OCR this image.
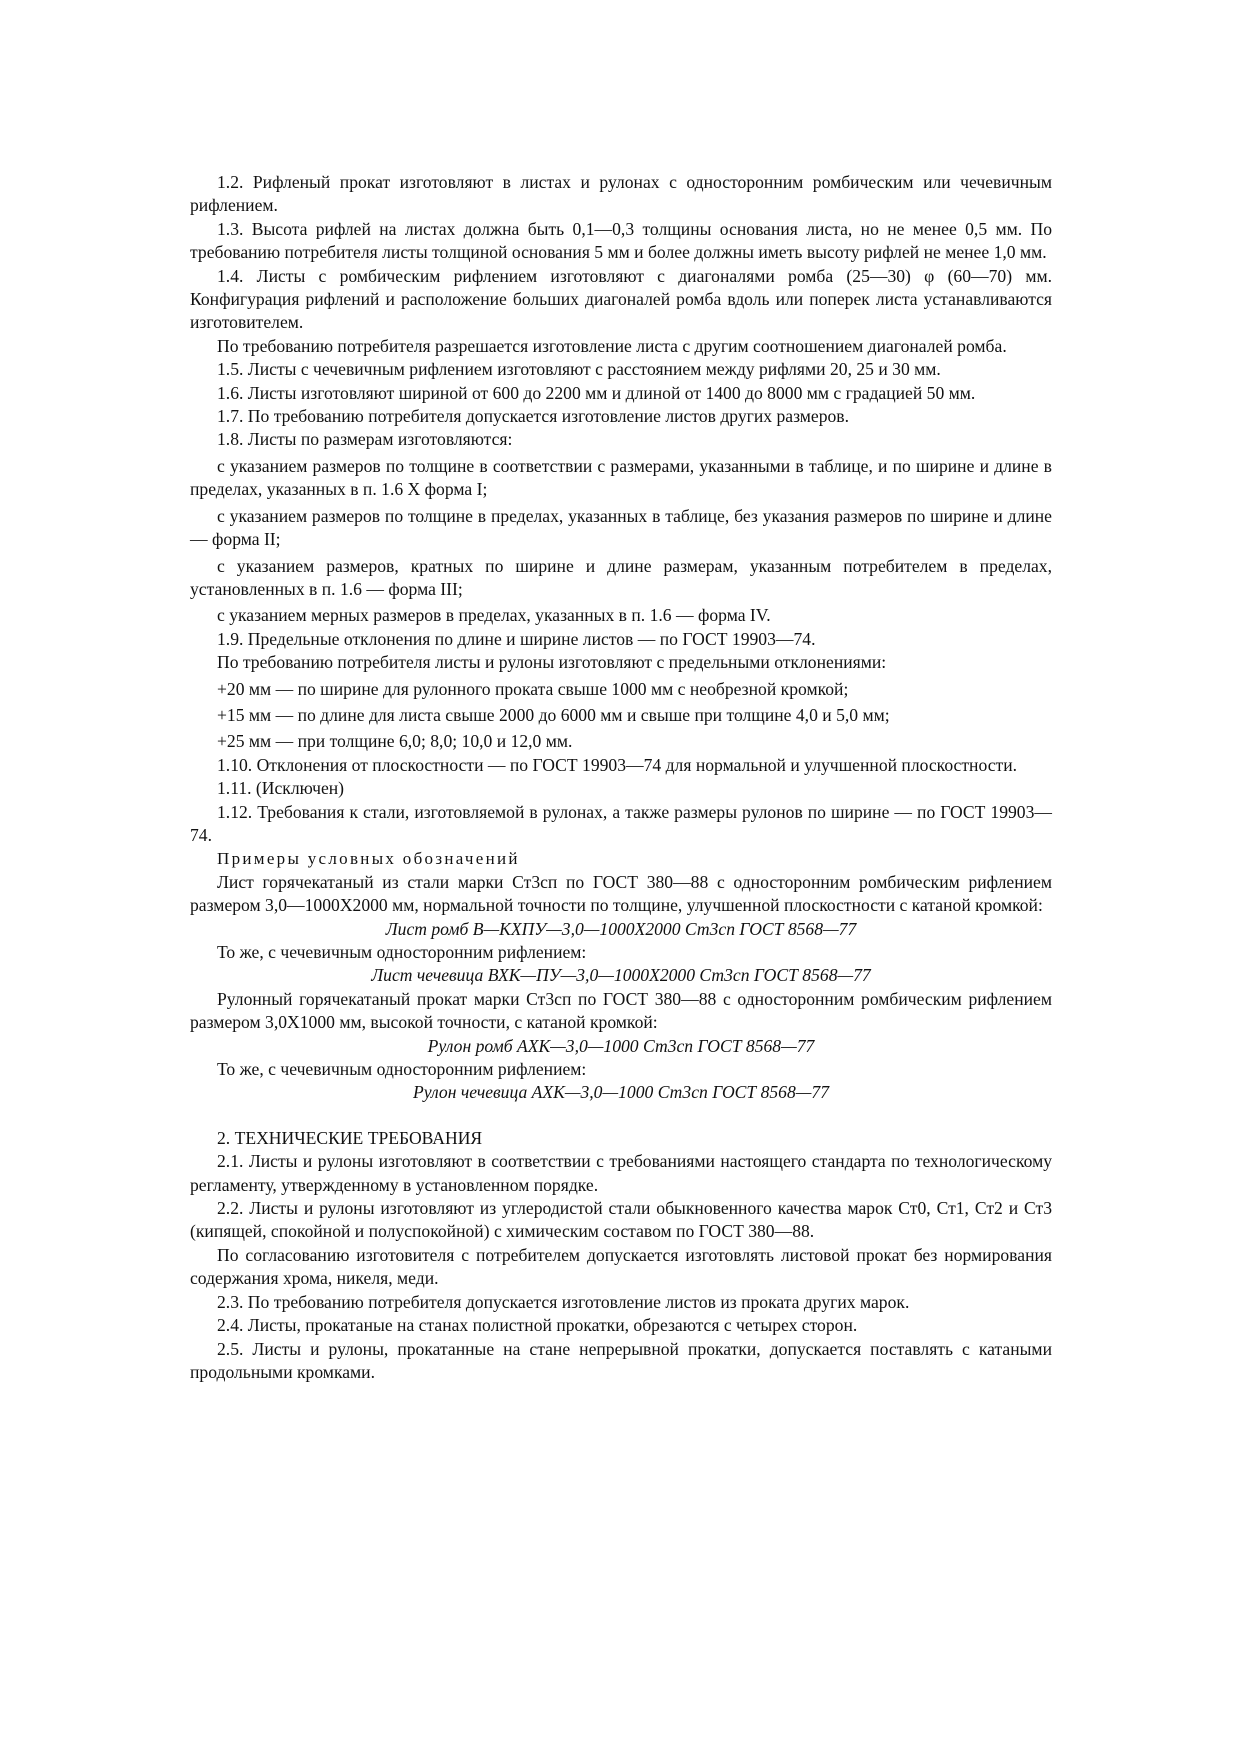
1.2. Рифленый прокат изготовляют в листах и рулонах с односторонним ромбическим или чечевичным рифлением.

1.3. Высота рифлей на листах должна быть 0,1—0,3 толщины основания листа, но не менее 0,5 мм. По требованию потребителя листы толщиной основания 5 мм и более должны иметь высоту рифлей не менее 1,0 мм.

1.4. Листы с ромбическим рифлением изготовляют с диагоналями ромба (25—30) φ (60—70) мм. Конфигурация рифлений и расположение больших диагоналей ромба вдоль или поперек листа устанавливаются изготовителем.

По требованию потребителя разрешается изготовление листа с другим соотношением диагоналей ромба.

1.5. Листы с чечевичным рифлением изготовляют с расстоянием между рифлями 20, 25 и 30 мм.

1.6. Листы изготовляют шириной от 600 до 2200 мм и длиной от 1400 до 8000 мм с градацией 50 мм.

1.7. По требованию потребителя допускается изготовление листов других размеров.

1.8. Листы по размерам изготовляются:

с указанием размеров по толщине в соответствии с размерами, указанными в таблице, и по ширине и длине в пределах, указанных в п. 1.6 X форма I;

с указанием размеров по толщине в пределах, указанных в таблице, без указания размеров по ширине и длине — форма II;

с указанием размеров, кратных по ширине и длине размерам, указанным потребителем в пределах, установленных в п. 1.6 — форма III;

с указанием мерных размеров в пределах, указанных в п. 1.6 — форма IV.

1.9. Предельные отклонения по длине и ширине листов — по ГОСТ 19903—74.

По требованию потребителя листы и рулоны изготовляют с предельными отклонениями:

+20 мм — по ширине для рулонного проката свыше 1000 мм с необрезной кромкой;

+15 мм — по длине для листа свыше 2000 до 6000 мм и свыше при толщине 4,0 и 5,0 мм;

+25 мм — при толщине 6,0; 8,0; 10,0 и 12,0 мм.

1.10. Отклонения от плоскостности — по ГОСТ 19903—74 для нормальной и улучшенной плоскостности.

1.11. (Исключен)

1.12. Требования к стали, изготовляемой в рулонах, а также размеры рулонов по ширине — по ГОСТ 19903—74.

Примеры условных обозначений

Лист горячекатаный из стали марки Ст3сп по ГОСТ 380—88 с односторонним ромбическим рифлением размером 3,0—1000X2000 мм, нормальной точности по толщине, улучшенной плоскостности с катаной кромкой:

Лист ромб В—КХПУ—3,0—1000X2000 Ст3сп ГОСТ 8568—77

То же, с чечевичным односторонним рифлением:

Лист чечевица ВХК—ПУ—3,0—1000X2000 Ст3сп ГОСТ 8568—77

Рулонный горячекатаный прокат марки Ст3сп по ГОСТ 380—88 с односторонним ромбическим рифлением размером 3,0X1000 мм, высокой точности, с катаной кромкой:

Рулон ромб АХК—3,0—1000 Ст3сп ГОСТ 8568—77

То же, с чечевичным односторонним рифлением:

Рулон чечевица АХК—3,0—1000 Ст3сп ГОСТ 8568—77

2. ТЕХНИЧЕСКИЕ ТРЕБОВАНИЯ

2.1. Листы и рулоны изготовляют в соответствии с требованиями настоящего стандарта по технологическому регламенту, утвержденному в установленном порядке.

2.2. Листы и рулоны изготовляют из углеродистой стали обыкновенного качества марок Ст0, Ст1, Ст2 и Ст3 (кипящей, спокойной и полуспокойной) с химическим составом по ГОСТ 380—88.

По согласованию изготовителя с потребителем допускается изготовлять листовой прокат без нормирования содержания хрома, никеля, меди.

2.3. По требованию потребителя допускается изготовление листов из проката других марок.

2.4. Листы, прокатаные на станах полистной прокатки, обрезаются с четырех сторон.

2.5. Листы и рулоны, прокатанные на стане непрерывной прокатки, допускается поставлять с катаными продольными кромками.
